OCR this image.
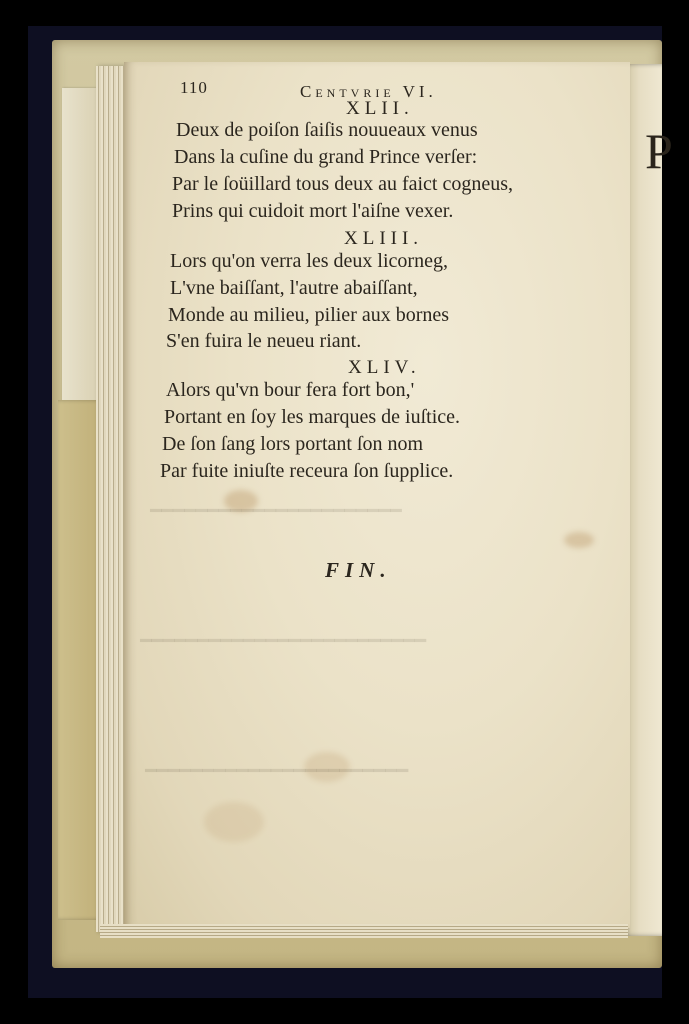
P
━━━━━━━━━━━━━━━━━━━━━━
━━━━━━━━━━━━━━━━━━━━━━━━━
━━━━━━━━━━━━━━━━━━━━━━━
110	Centvrie VI.
XLII.
Deux de poiſon ſaiſis nouueaux venus
Dans la cuſine du grand Prince verſer:
Par le ſoüillard tous deux au faict cogneus,
Prins qui cuidoit mort l'aiſne vexer.
XLIII.
Lors qu'on verra les deux licorneg,
L'vne baiſſant, l'autre abaiſſant,
Monde au milieu, pilier aux bornes
S'en fuira le neueu riant.
XLIV.
Alors qu'vn bour fera fort bon,'
Portant en ſoy les marques de iuſtice.
De ſon ſang lors portant ſon nom
Par fuite iniuſte receura ſon ſupplice.
FIN.
